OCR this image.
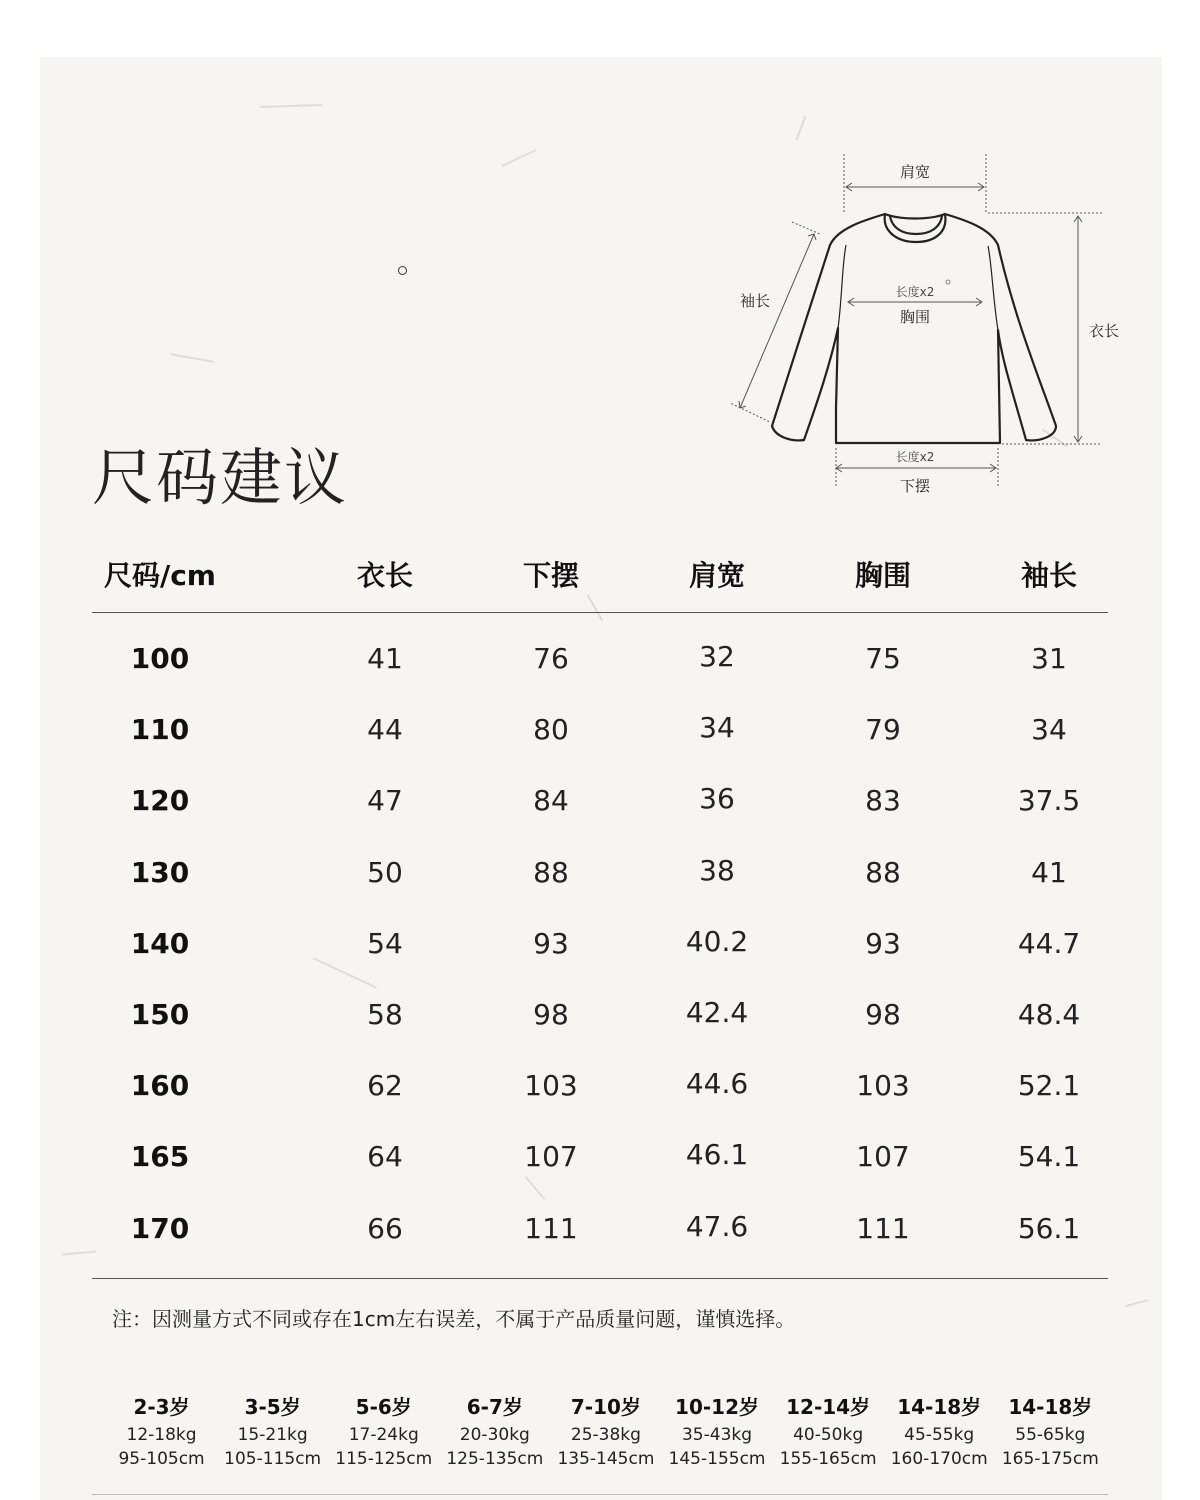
尺码建议
肩宽
袖长	长度x2
胸围
衣长
长度x2
下摆
尺码/cm	衣长	下摆	肩宽	胸围	袖长
100	41	76	32	75	31
110	44	80	34	79	34
120	47	84	36	83	37.5
130	50	88	38	88	41
140	54	93	40.2	93	44.7
150	58	98	42.4	98	48.4
160	62	103	44.6	103	52.1
165	64	107	46.1	107	54.1
170	66	111	47.6	111	56.1
注：因测量方式不同或存在1cm左右误差，不属于产品质量问题，谨慎选择。
2-3岁
12-18kg
95-105cm
3-5岁
15-21kg
105-115cm
5-6岁
17-24kg
115-125cm
6-7岁
20-30kg
125-135cm
7-10岁
25-38kg
135-145cm
10-12岁
35-43kg
145-155cm
12-14岁
40-50kg
155-165cm
14-18岁
45-55kg
160-170cm
14-18岁
55-65kg
165-175cm
